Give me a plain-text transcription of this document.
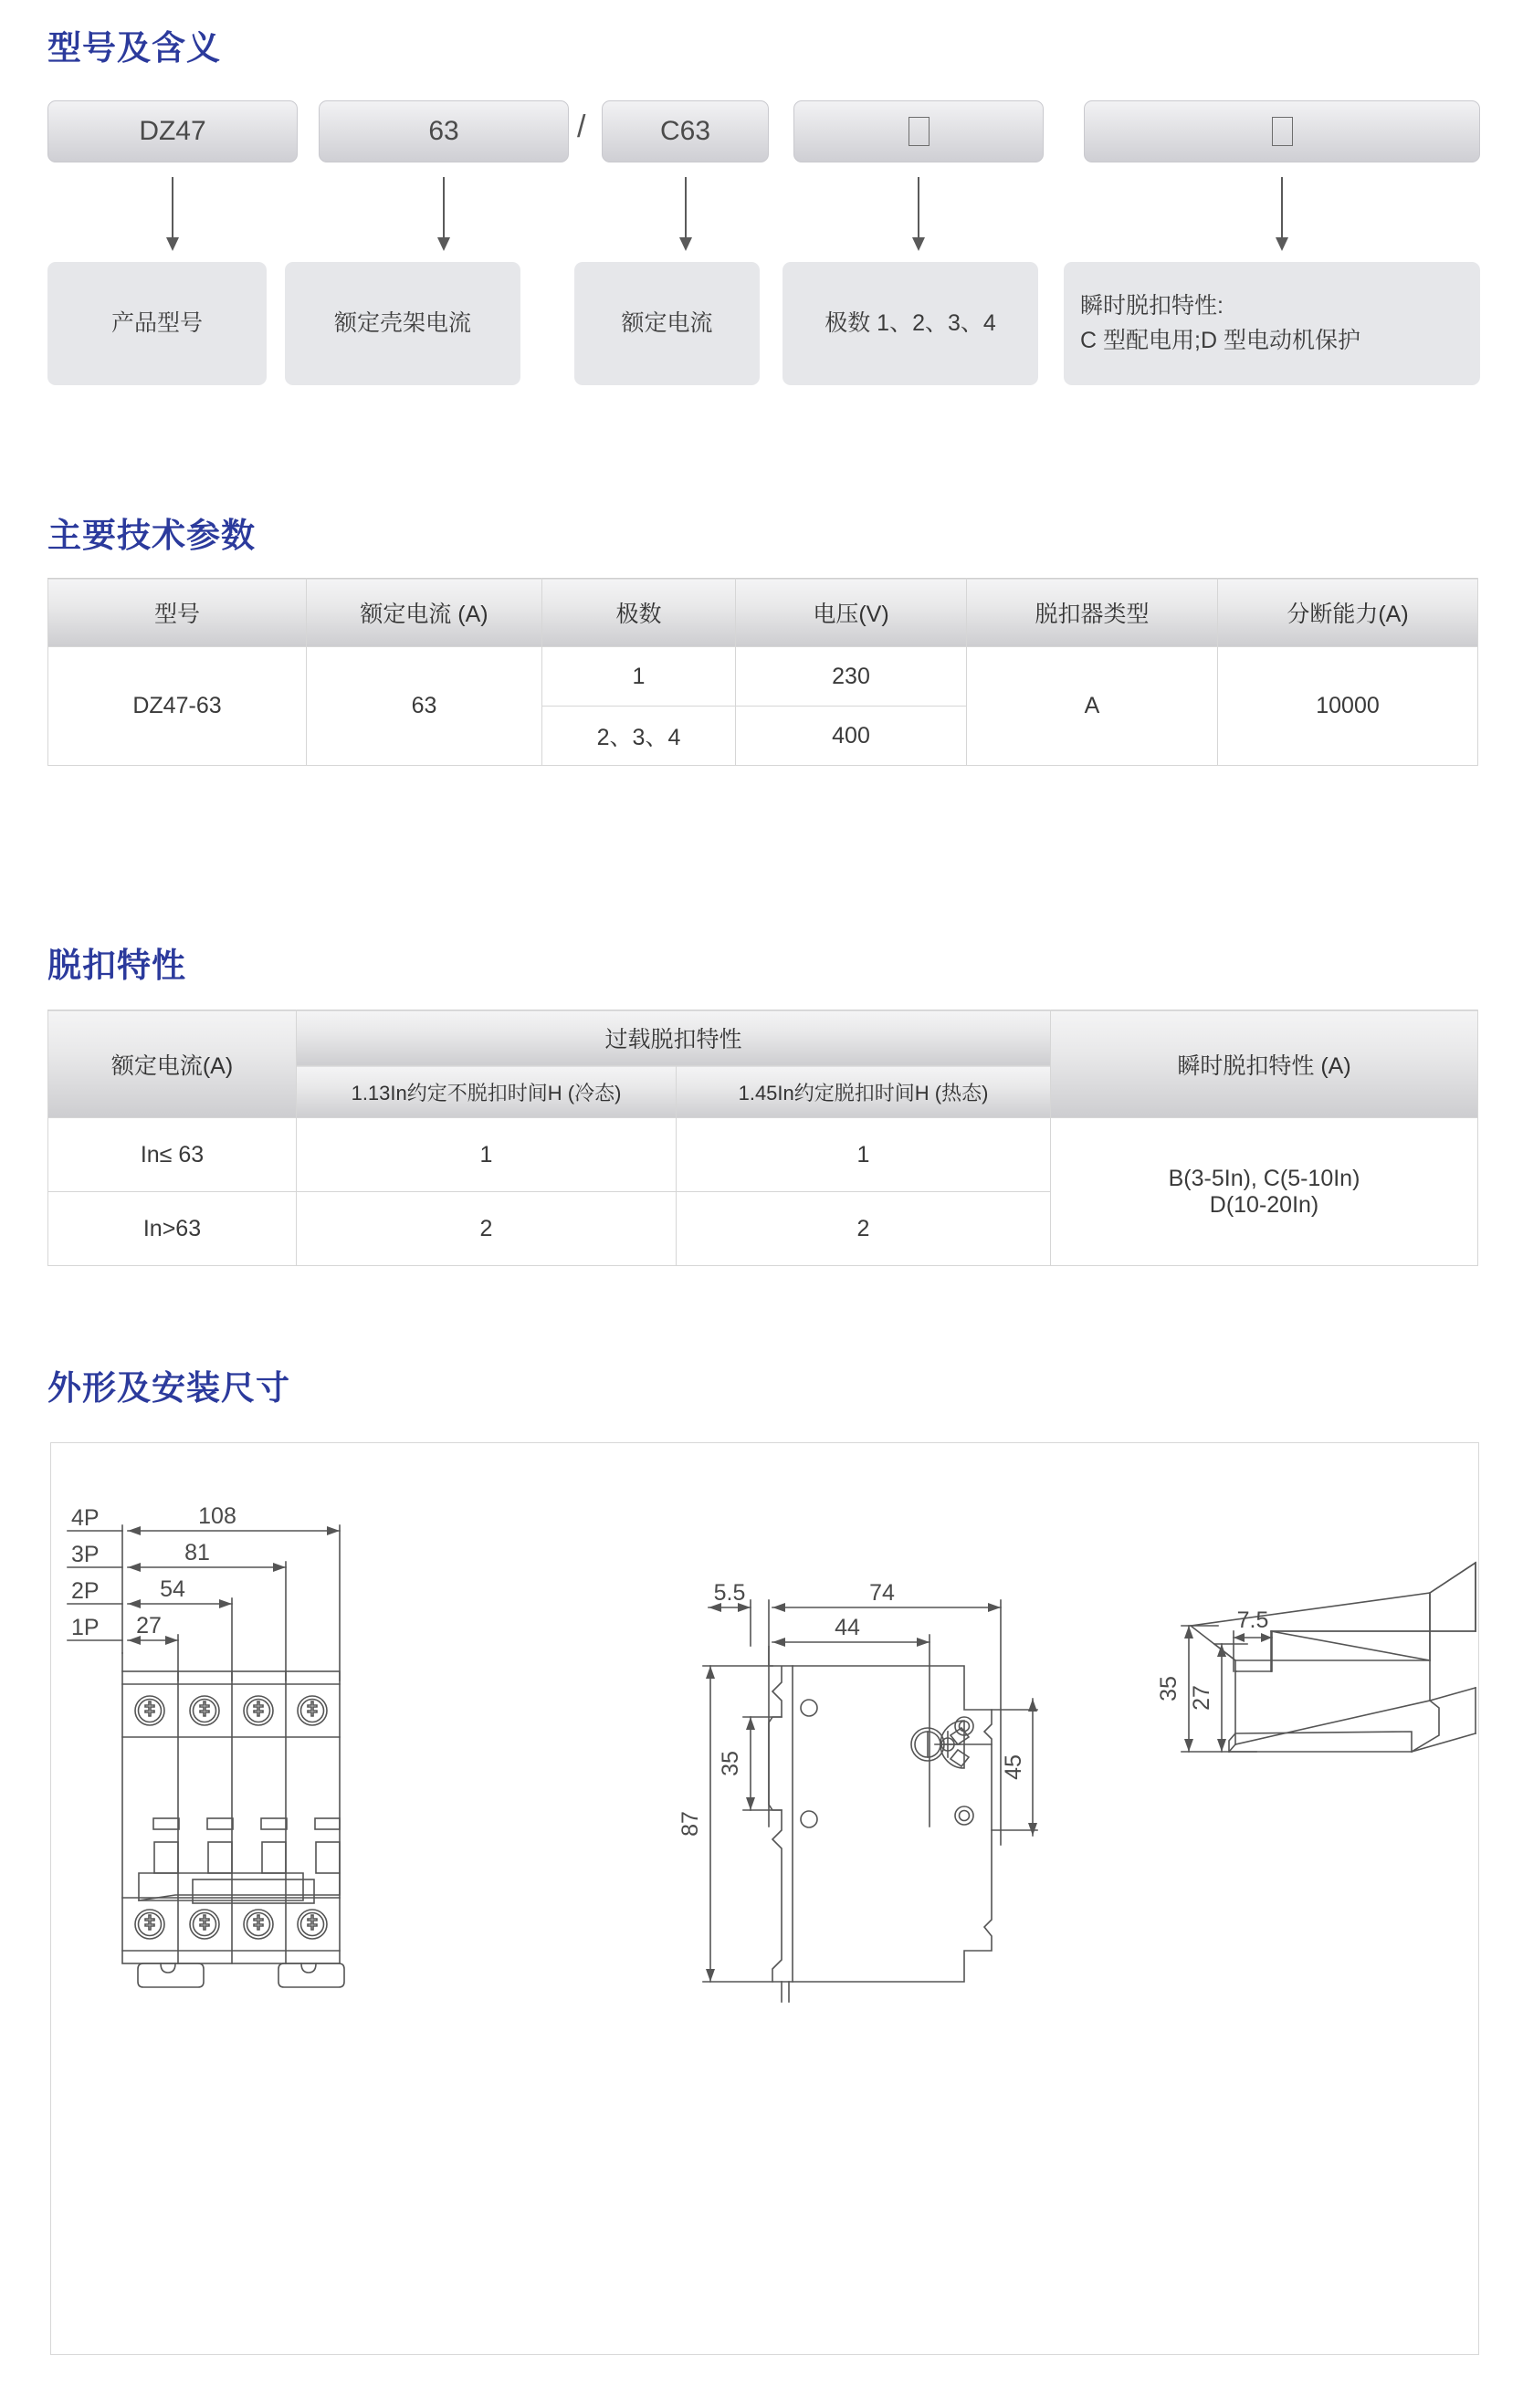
型号及含义
DZ47	63	/	C63
产品型号	额定壳架电流	额定电流	极数 1、2、3、4
瞬时脱扣特性:
C 型配电用;D 型电动机保护
主要技术参数
型号	额定电流 (A)	极数	电压(V)	脱扣器类型	分断能力(A)
DZ47-63	63	1	230	A	10000
		2、3、4	400		
脱扣特性
额定电流(A)	过载脱扣特性		瞬时脱扣特性 (A)
	1.13In约定不脱扣时间H (冷态)	1.45In约定脱扣时间H (热态)	
In≤ 63	1	1	B(3-5In), C(5-10In)
D(10-20In)

In>63	2	2	
外形及安装尺寸
4P
3P
2P
1P
108
81
54
27
5.5	74
44
87
35	45
7.5
35 27
